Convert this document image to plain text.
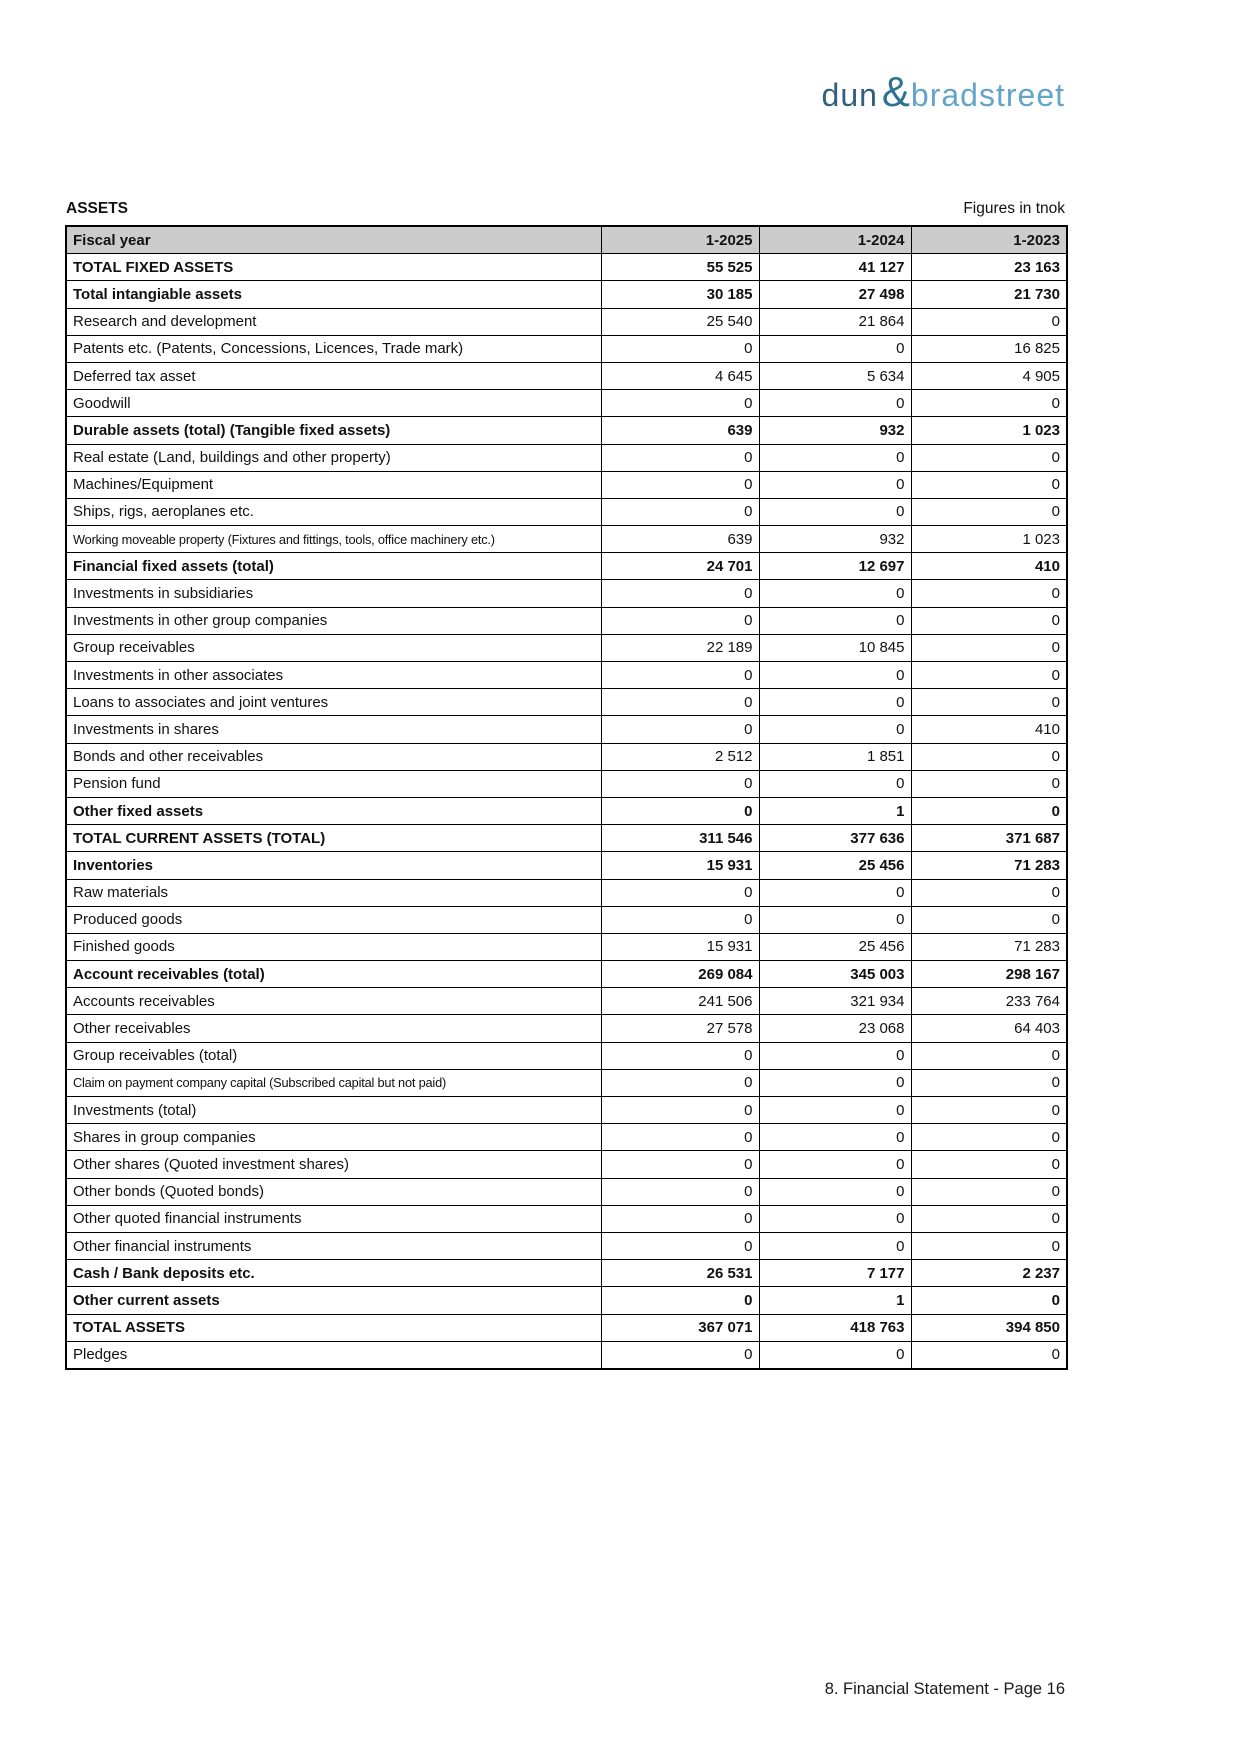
dun & bradstreet
ASSETS	Figures in tnok
Fiscal year	1-2025	1-2024	1-2023
TOTAL FIXED ASSETS	55 525	41 127	23 163
Total intangiable assets	30 185	27 498	21 730
Research and development	25 540	21 864	0
Patents etc. (Patents, Concessions, Licences, Trade mark)	0	0	16 825
Deferred tax asset	4 645	5 634	4 905
Goodwill	0	0	0
Durable assets (total) (Tangible fixed assets)	639	932	1 023
Real estate (Land, buildings and other property)	0	0	0
Machines/Equipment	0	0	0
Ships, rigs, aeroplanes etc.	0	0	0
Working moveable property (Fixtures and fittings, tools, office machinery etc.)	639	932	1 023
Financial fixed assets (total)	24 701	12 697	410
Investments in subsidiaries	0	0	0
Investments in other group companies	0	0	0
Group receivables	22 189	10 845	0
Investments in other associates	0	0	0
Loans to associates and joint ventures	0	0	0
Investments in shares	0	0	410
Bonds and other receivables	2 512	1 851	0
Pension fund	0	0	0
Other fixed assets	0	1	0
TOTAL CURRENT ASSETS (TOTAL)	311 546	377 636	371 687
Inventories	15 931	25 456	71 283
Raw materials	0	0	0
Produced goods	0	0	0
Finished goods	15 931	25 456	71 283
Account receivables (total)	269 084	345 003	298 167
Accounts receivables	241 506	321 934	233 764
Other receivables	27 578	23 068	64 403
Group receivables (total)	0	0	0
Claim on payment company capital (Subscribed capital but not paid)	0	0	0
Investments (total)	0	0	0
Shares in group companies	0	0	0
Other shares (Quoted investment shares)	0	0	0
Other bonds (Quoted bonds)	0	0	0
Other quoted financial instruments	0	0	0
Other financial instruments	0	0	0
Cash / Bank deposits etc.	26 531	7 177	2 237
Other current assets	0	1	0
TOTAL ASSETS	367 071	418 763	394 850
Pledges	0	0	0
8. Financial Statement - Page 16
